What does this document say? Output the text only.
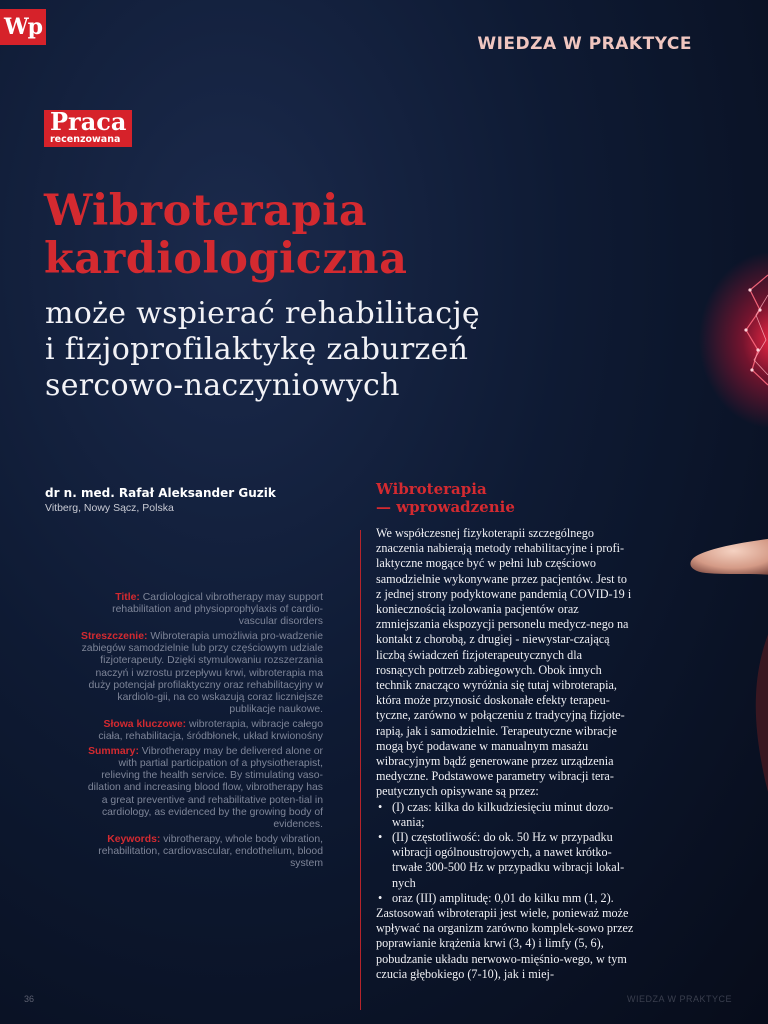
Wp
WIEDZA W PRAKTYCE
Praca
recenzowana
Wibroterapia
kardiologiczna
może wspierać rehabilitację
i fizjoprofilaktykę zaburzeń
sercowo-naczyniowych
dr n. med. Rafał Aleksander Guzik
Vitberg, Nowy Sącz, Polska

Title: Cardiological vibrotherapy may support rehabilitation and physioprophylaxis of cardio-vascular disorders

Streszczenie: Wibroterapia umożliwia pro-wadzenie zabiegów samodzielnie lub przy częściowym udziale fizjoterapeuty. Dzięki stymulowaniu rozszerzania naczyń i wzrostu przepływu krwi, wibroterapia ma duży potencjał profilaktyczny oraz rehabilitacyjny w kardiolo-gii, na co wskazują coraz liczniejsze publikacje naukowe.

Słowa kluczowe: wibroterapia, wibracje całego ciała, rehabilitacja, śródbłonek, układ krwionośny

Summary: Vibrotherapy may be delivered alone or with partial participation of a physiotherapist, relieving the health service. By stimulating vaso-dilation and increasing blood flow, vibrotherapy has a great preventive and rehabilitative poten-tial in cardiology, as evidenced by the growing body of evidences.

Keywords: vibrotherapy, whole body vibration, rehabilitation, cardiovascular, endothelium, blood system

Wibroterapia
— wprowadzenie

We współczesnej fizykoterapii szczególnego znaczenia nabierają metody rehabilitacyjne i profi-laktyczne mogące być w pełni lub częściowo samodzielnie wykonywane przez pacjentów. Jest to z jednej strony podyktowane pandemią COVID-19 i koniecznością izolowania pacjentów oraz zmniejszania ekspozycji personelu medycz-nego na kontakt z chorobą, z drugiej - niewystar-czającą liczbą świadczeń fizjoterapeutycznych dla rosnących potrzeb zabiegowych. Obok innych technik znacząco wyróżnia się tutaj wibroterapia, która może przynosić doskonałe efekty terapeu-tyczne, zarówno w połączeniu z tradycyjną fizjote-rapią, jak i samodzielnie. Terapeutyczne wibracje mogą być podawane w manualnym masażu wibracyjnym bądź generowane przez urządzenia medyczne. Podstawowe parametry wibracji tera-peutycznych opisywane są przez:

• (I) czas: kilka do kilkudziesięciu minut dozo-wania;
• (II) częstotliwość: do ok. 50 Hz w przypadku wibracji ogólnoustrojowych, a nawet krótko-trwałe 300-500 Hz w przypadku wibracji lokal-nych
• oraz (III) amplitudę: 0,01 do kilku mm (1, 2).

Zastosowań wibroterapii jest wiele, ponieważ może wpływać na organizm zarówno komplek-sowo przez poprawianie krążenia krwi (3, 4) i limfy (5, 6), pobudzanie układu nerwowo-mięśnio-wego, w tym czucia głębokiego (7-10), jak i miej-

36	WIEDZA W PRAKTYCE
